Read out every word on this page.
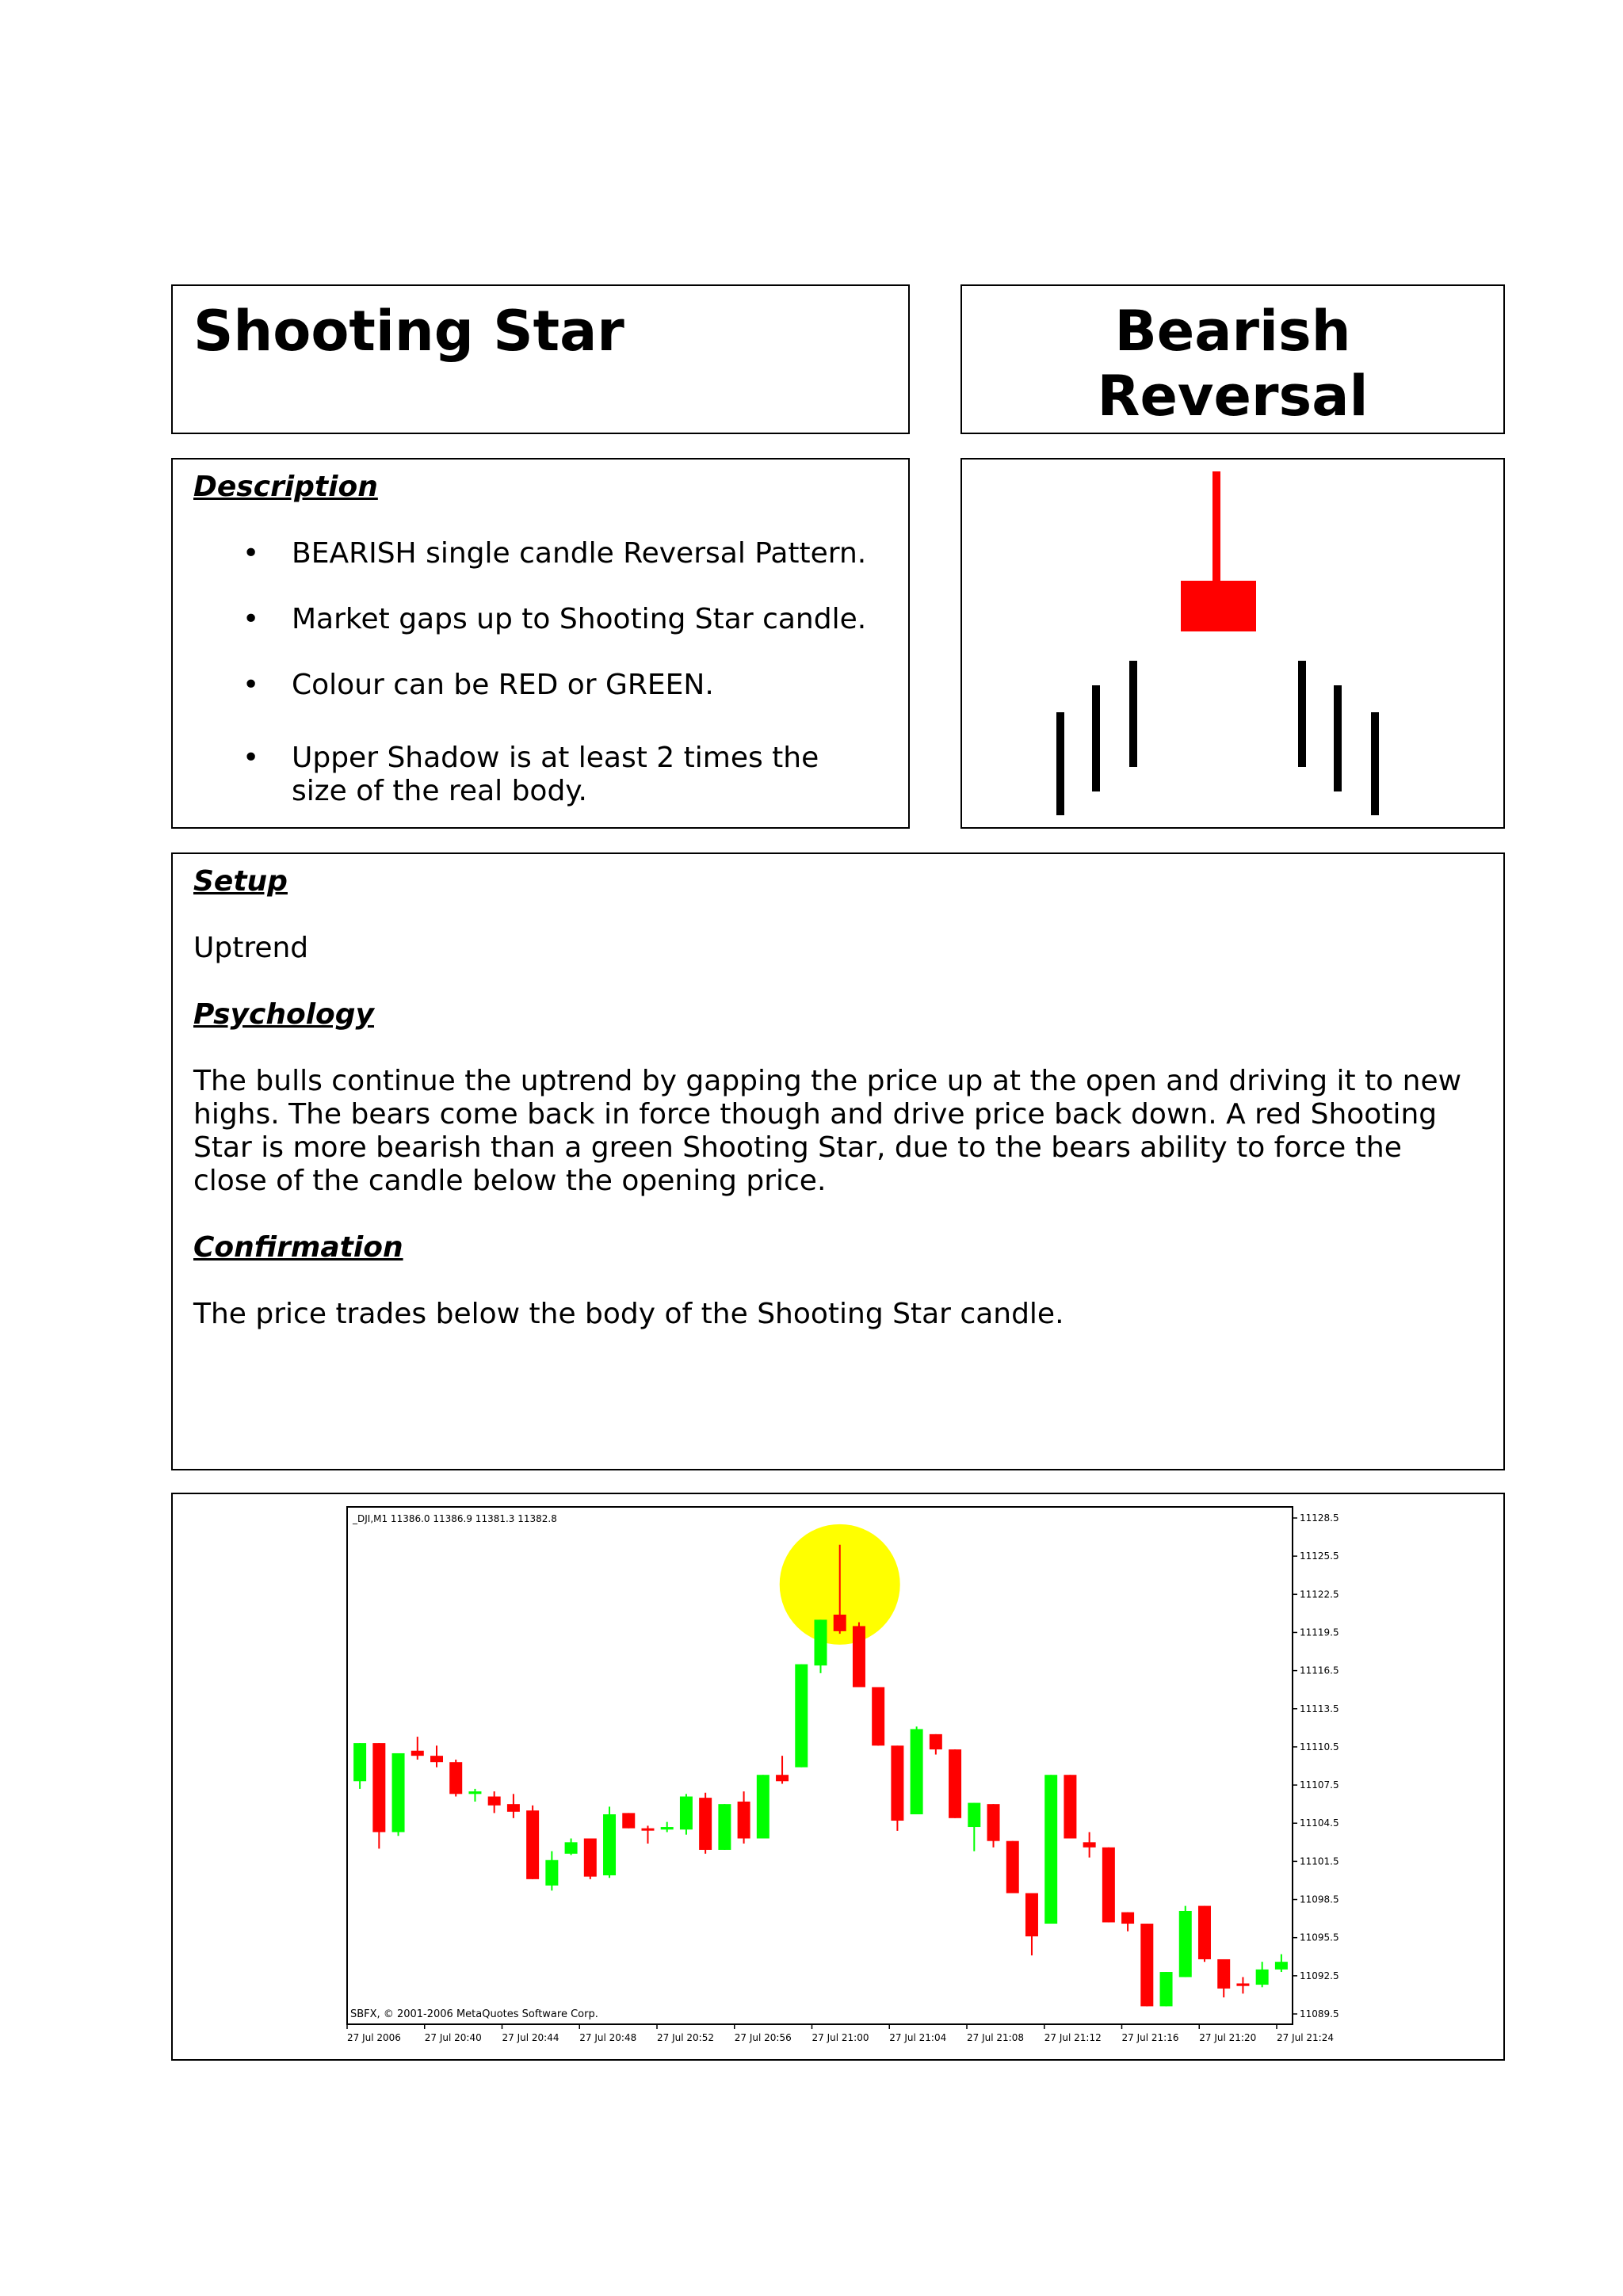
Shooting Star	Bearish
Reversal

Description

• BEARISH single candle Reversal Pattern.
• Market gaps up to Shooting Star candle.
• Colour can be RED or GREEN.
• Upper Shadow is at least 2 times the size of the real body.

Setup

Uptrend

Psychology

The bulls continue the uptrend by gapping the price up at the open and driving it to new highs. The bears come back in force though and drive price back down. A red Shooting Star is more bearish than a green Shooting Star, due to the bears ability to force the close of the candle below the opening price.

Confirmation

The price trades below the body of the Shooting Star candle.

11128.5
11125.5
11122.5
11119.5
11116.5
11113.5
11110.5
11107.5
11104.5
11101.5
11098.5
11095.5
11092.5
11089.5
27 Jul 2006 27 Jul 20:40 27 Jul 20:44 27 Jul 20:48 27 Jul 20:52 27 Jul 20:56 27 Jul 21:00 27 Jul 21:04 27 Jul 21:08 27 Jul 21:12 27 Jul 21:16 27 Jul 21:20 27 Jul 21:24
_DJI,M1 11386.0 11386.9 11381.3 11382.8
SBFX, © 2001-2006 MetaQuotes Software Corp.
